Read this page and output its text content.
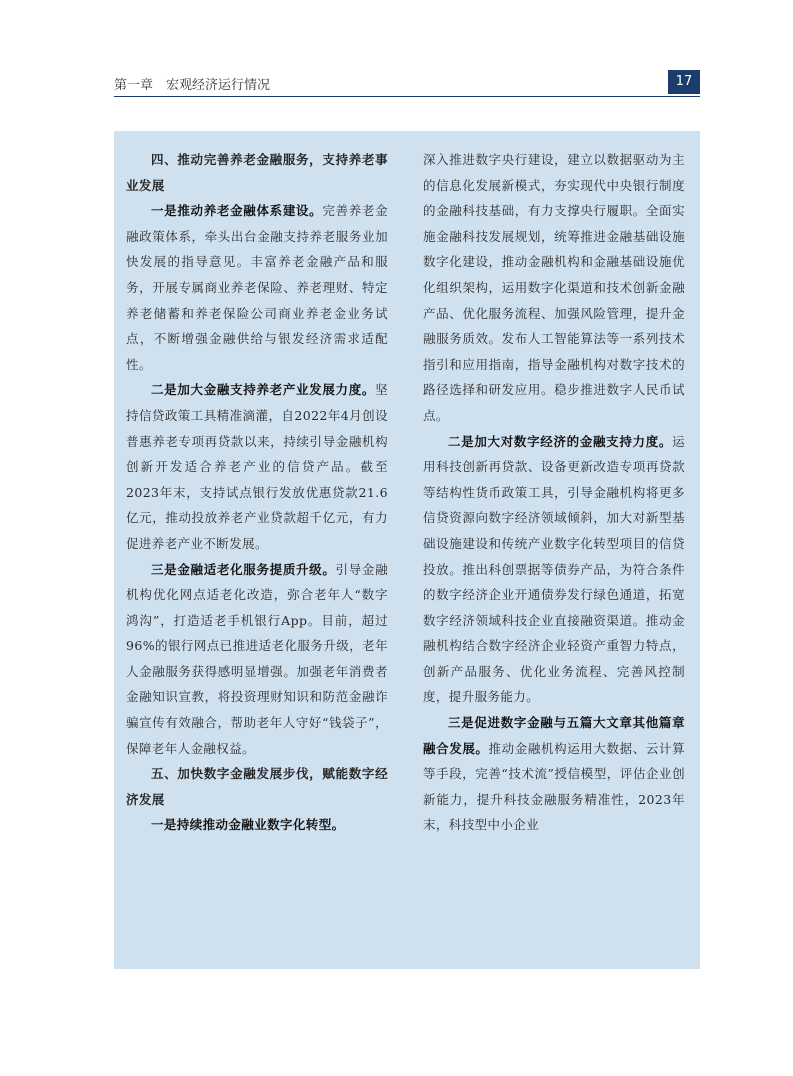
第一章　宏观经济运行情况	17

四、推动完善养老金融服务，支持养老事业发展

一是推动养老金融体系建设。完善养老金融政策体系，牵头出台金融支持养老服务业加快发展的指导意见。丰富养老金融产品和服务，开展专属商业养老保险、养老理财、特定养老储蓄和养老保险公司商业养老金业务试点，不断增强金融供给与银发经济需求适配性。

二是加大金融支持养老产业发展力度。坚持信贷政策工具精准滴灌，自2022年4月创设普惠养老专项再贷款以来，持续引导金融机构创新开发适合养老产业的信贷产品。截至2023年末，支持试点银行发放优惠贷款21.6亿元，推动投放养老产业贷款超千亿元，有力促进养老产业不断发展。

三是金融适老化服务提质升级。引导金融机构优化网点适老化改造，弥合老年人“数字鸿沟”，打造适老手机银行App。目前，超过96%的银行网点已推进适老化服务升级，老年人金融服务获得感明显增强。加强老年消费者金融知识宣教，将投资理财知识和防范金融诈骗宣传有效融合，帮助老年人守好“钱袋子”，保障老年人金融权益。

五、加快数字金融发展步伐，赋能数字经济发展

一是持续推动金融业数字化转型。

深入推进数字央行建设，建立以数据驱动为主的信息化发展新模式，夯实现代中央银行制度的金融科技基础，有力支撑央行履职。全面实施金融科技发展规划，统筹推进金融基础设施数字化建设，推动金融机构和金融基础设施优化组织架构，运用数字化渠道和技术创新金融产品、优化服务流程、加强风险管理，提升金融服务质效。发布人工智能算法等一系列技术指引和应用指南，指导金融机构对数字技术的路径选择和研发应用。稳步推进数字人民币试点。

二是加大对数字经济的金融支持力度。运用科技创新再贷款、设备更新改造专项再贷款等结构性货币政策工具，引导金融机构将更多信贷资源向数字经济领域倾斜，加大对新型基础设施建设和传统产业数字化转型项目的信贷投放。推出科创票据等债券产品，为符合条件的数字经济企业开通债券发行绿色通道，拓宽数字经济领域科技企业直接融资渠道。推动金融机构结合数字经济企业轻资产重智力特点，创新产品服务、优化业务流程、完善风控制度，提升服务能力。

三是促进数字金融与五篇大文章其他篇章融合发展。推动金融机构运用大数据、云计算等手段，完善“技术流”授信模型，评估企业创新能力，提升科技金融服务精准性，2023年末，科技型中小企业
